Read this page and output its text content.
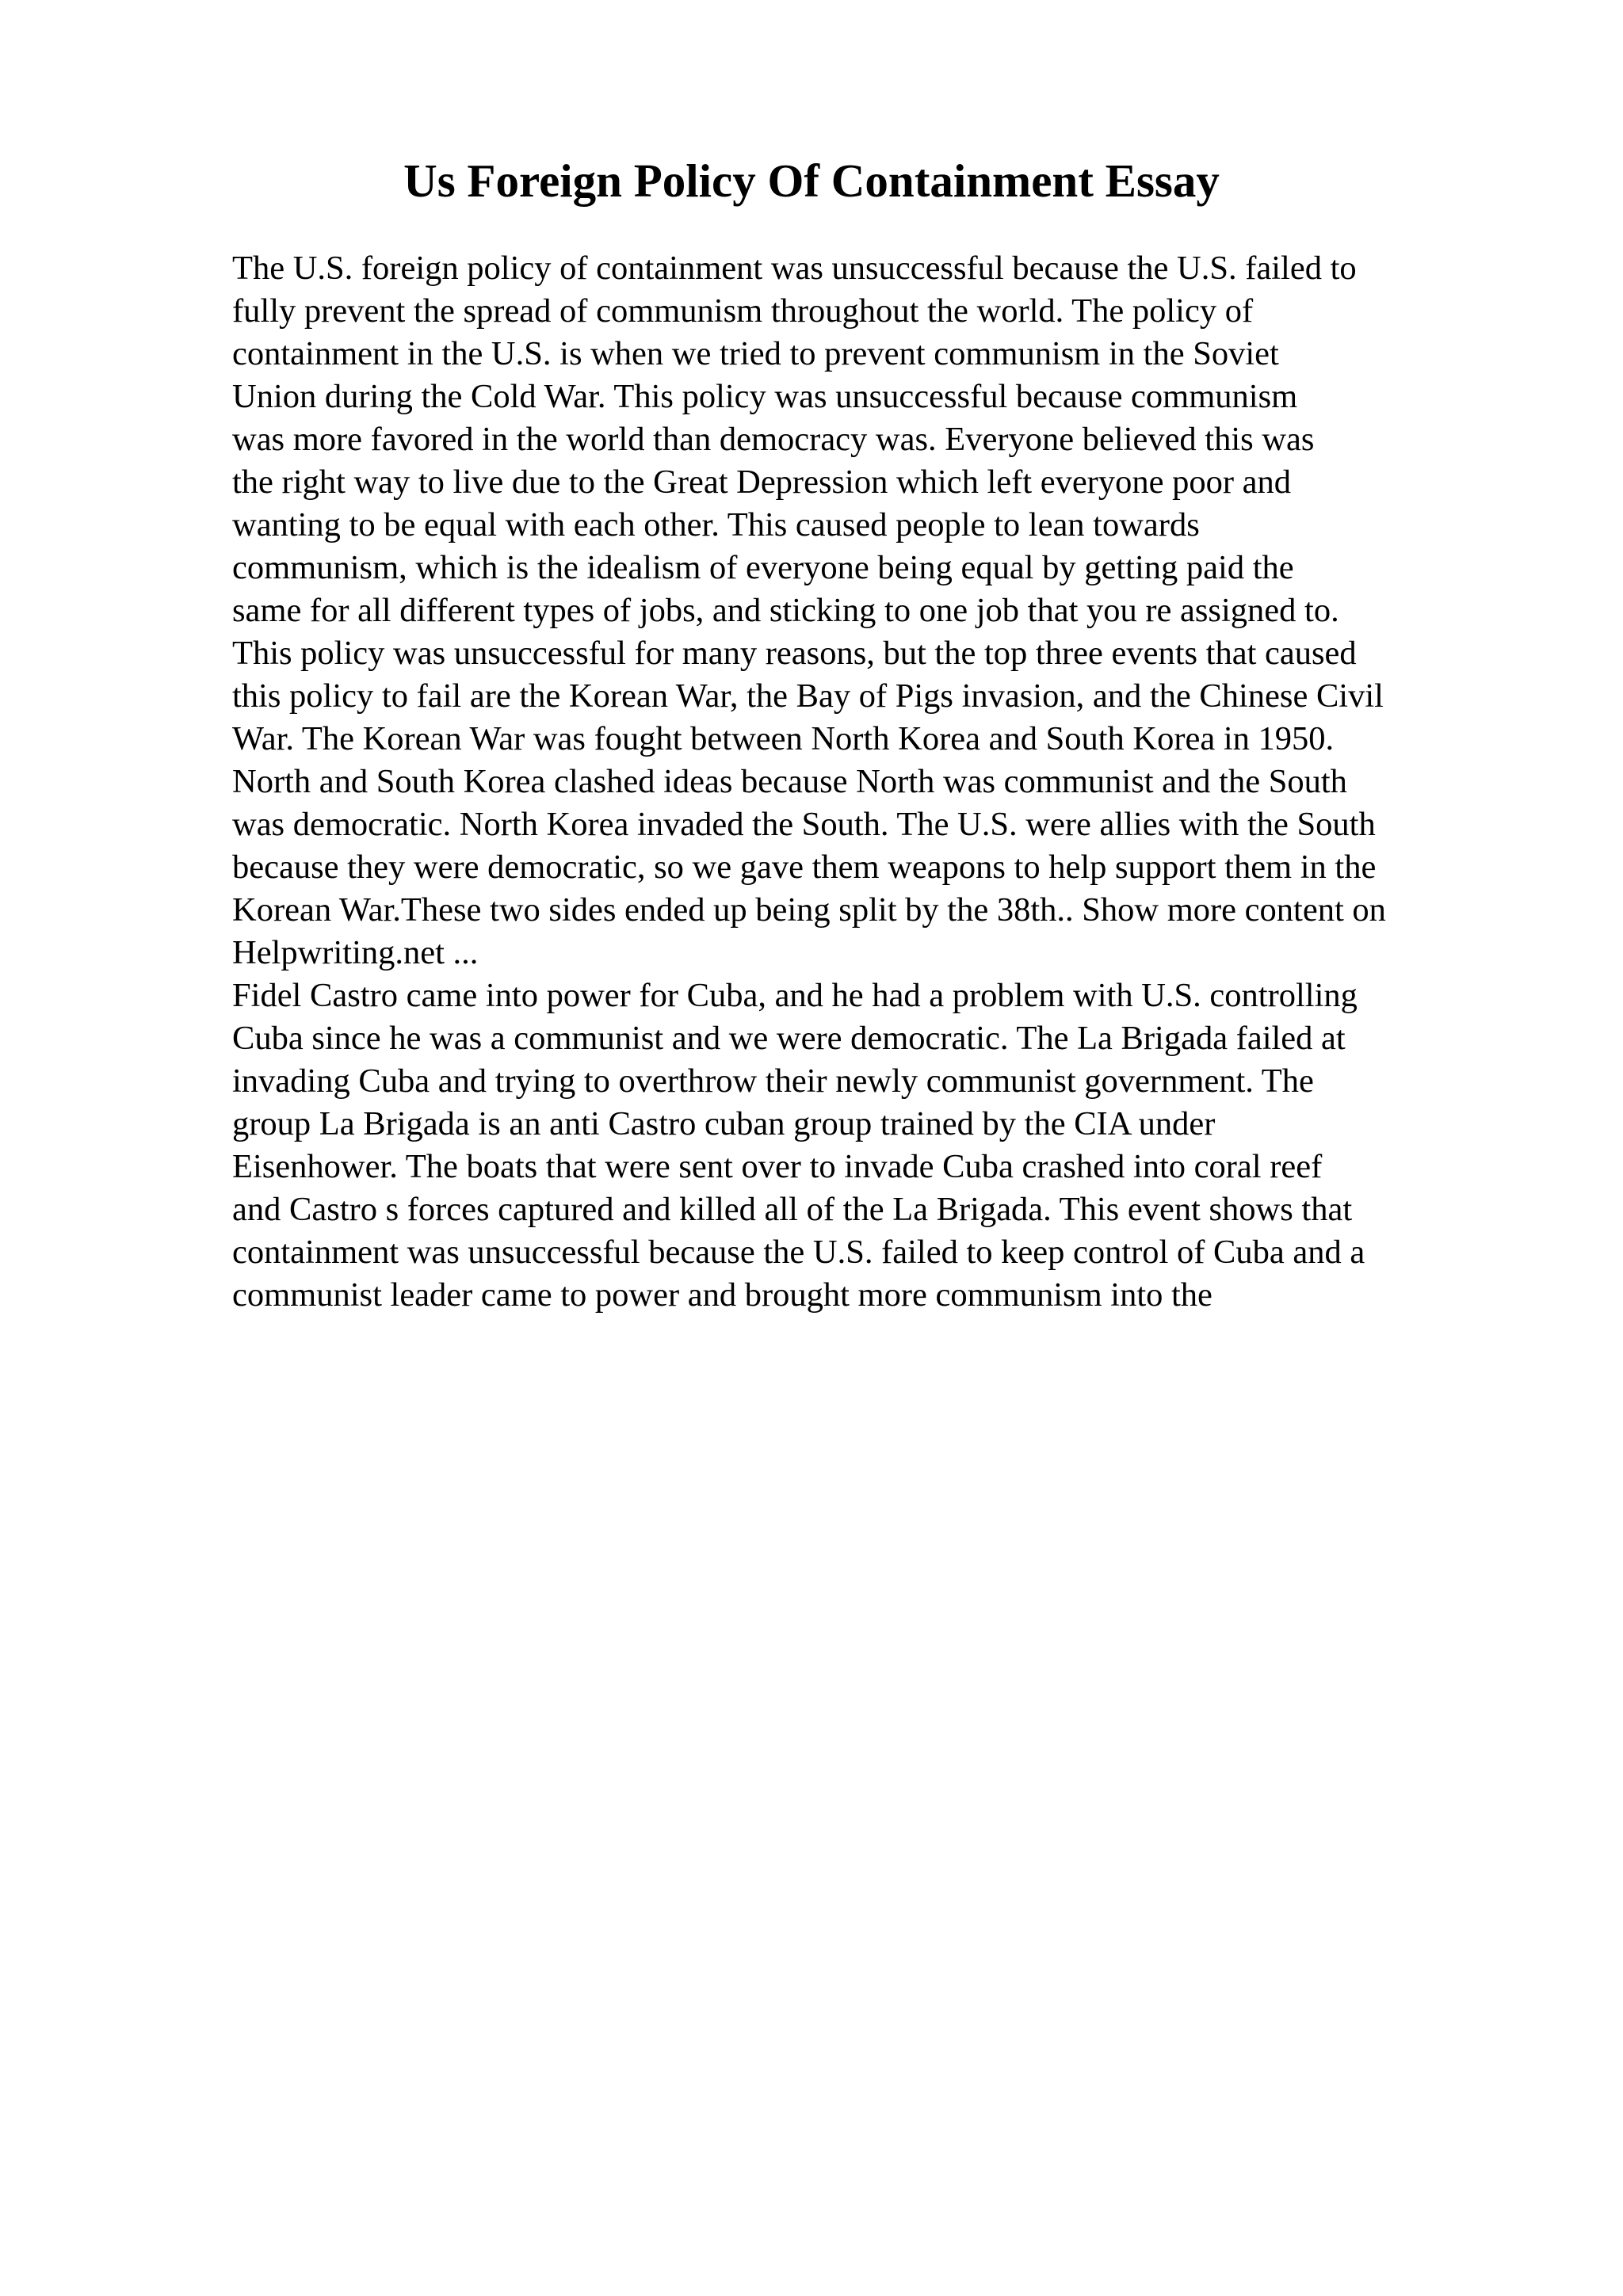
Us Foreign Policy Of Containment Essay
The U.S. foreign policy of containment was unsuccessful because the U.S. failed to
fully prevent the spread of communism throughout the world. The policy of
containment in the U.S. is when we tried to prevent communism in the Soviet
Union during the Cold War. This policy was unsuccessful because communism
was more favored in the world than democracy was. Everyone believed this was
the right way to live due to the Great Depression which left everyone poor and
wanting to be equal with each other. This caused people to lean towards
communism, which is the idealism of everyone being equal by getting paid the
same for all different types of jobs, and sticking to one job that you re assigned to.
This policy was unsuccessful for many reasons, but the top three events that caused
this policy to fail are the Korean War, the Bay of Pigs invasion, and the Chinese Civil
War. The Korean War was fought between North Korea and South Korea in 1950.
North and South Korea clashed ideas because North was communist and the South
was democratic. North Korea invaded the South. The U.S. were allies with the South
because they were democratic, so we gave them weapons to help support them in the
Korean War.These two sides ended up being split by the 38th.. Show more content on
Helpwriting.net ...
Fidel Castro came into power for Cuba, and he had a problem with U.S. controlling
Cuba since he was a communist and we were democratic. The La Brigada failed at
invading Cuba and trying to overthrow their newly communist government. The
group La Brigada is an anti Castro cuban group trained by the CIA under
Eisenhower. The boats that were sent over to invade Cuba crashed into coral reef
and Castro s forces captured and killed all of the La Brigada. This event shows that
containment was unsuccessful because the U.S. failed to keep control of Cuba and a
communist leader came to power and brought more communism into the
